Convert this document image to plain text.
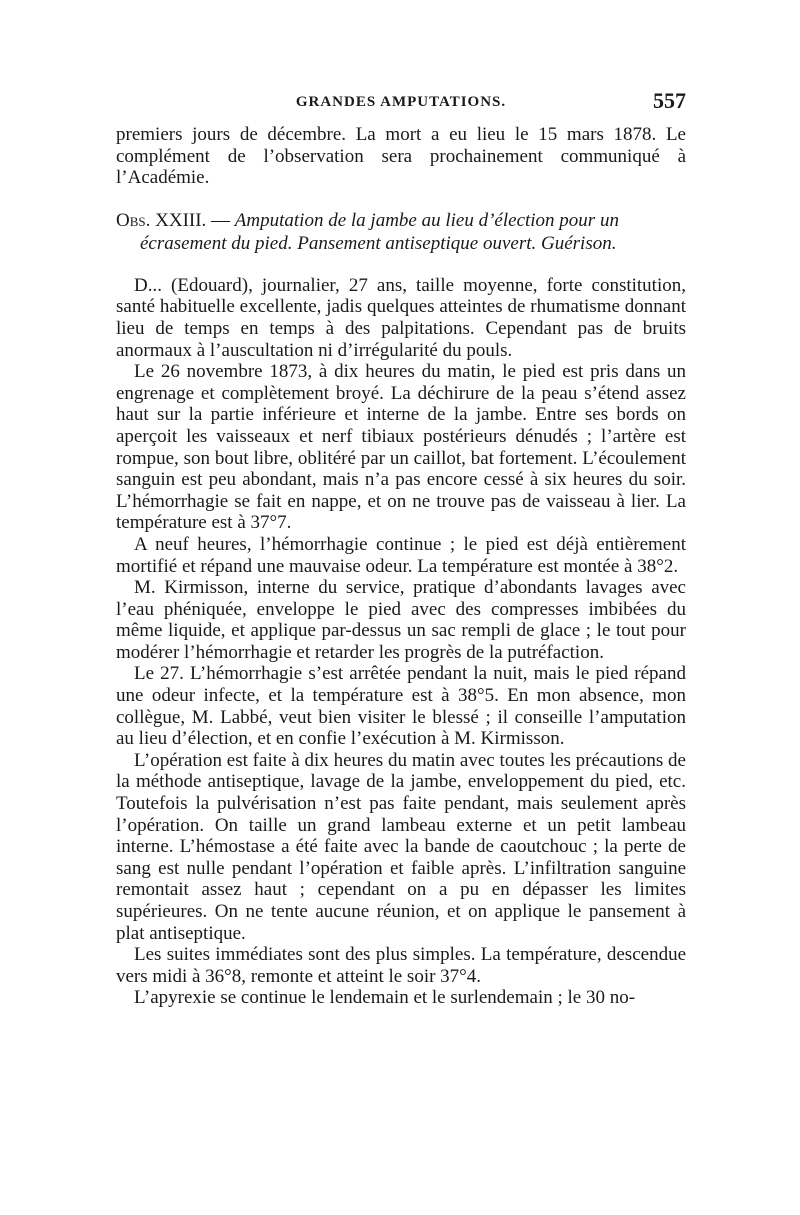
GRANDES AMPUTATIONS.	557

premiers jours de décembre. La mort a eu lieu le 15 mars 1878. Le complément de l’observation sera prochainement communiqué à l’Académie.

Obs. XXIII. — Amputation de la jambe au lieu d’élection pour un
écrasement du pied. Pansement antiseptique ouvert. Guérison.

D... (Edouard), journalier, 27 ans, taille moyenne, forte constitution, santé habituelle excellente, jadis quelques atteintes de rhumatisme donnant lieu de temps en temps à des palpitations. Cependant pas de bruits anormaux à l’auscultation ni d’irrégularité du pouls.

Le 26 novembre 1873, à dix heures du matin, le pied est pris dans un engrenage et complètement broyé. La déchirure de la peau s’étend assez haut sur la partie inférieure et interne de la jambe. Entre ses bords on aperçoit les vaisseaux et nerf tibiaux postérieurs dénudés ; l’artère est rompue, son bout libre, oblitéré par un caillot, bat fortement. L’écoulement sanguin est peu abondant, mais n’a pas encore cessé à six heures du soir. L’hémorrhagie se fait en nappe, et on ne trouve pas de vaisseau à lier. La température est à 37°7.

A neuf heures, l’hémorrhagie continue ; le pied est déjà entièrement mortifié et répand une mauvaise odeur. La température est montée à 38°2.

M. Kirmisson, interne du service, pratique d’abondants lavages avec l’eau phéniquée, enveloppe le pied avec des compresses imbibées du même liquide, et applique par-dessus un sac rempli de glace ; le tout pour modérer l’hémorrhagie et retarder les progrès de la putréfaction.

Le 27. L’hémorrhagie s’est arrêtée pendant la nuit, mais le pied répand une odeur infecte, et la température est à 38°5. En mon absence, mon collègue, M. Labbé, veut bien visiter le blessé ; il conseille l’amputation au lieu d’élection, et en confie l’exécution à M. Kirmisson.

L’opération est faite à dix heures du matin avec toutes les précautions de la méthode antiseptique, lavage de la jambe, enveloppement du pied, etc. Toutefois la pulvérisation n’est pas faite pendant, mais seulement après l’opération. On taille un grand lambeau externe et un petit lambeau interne. L’hémostase a été faite avec la bande de caoutchouc ; la perte de sang est nulle pendant l’opération et faible après. L’infiltration sanguine remontait assez haut ; cependant on a pu en dépasser les limites supérieures. On ne tente aucune réunion, et on applique le pansement à plat antiseptique.

Les suites immédiates sont des plus simples. La température, descendue vers midi à 36°8, remonte et atteint le soir 37°4.

L’apyrexie se continue le lendemain et le surlendemain ; le 30 no-
